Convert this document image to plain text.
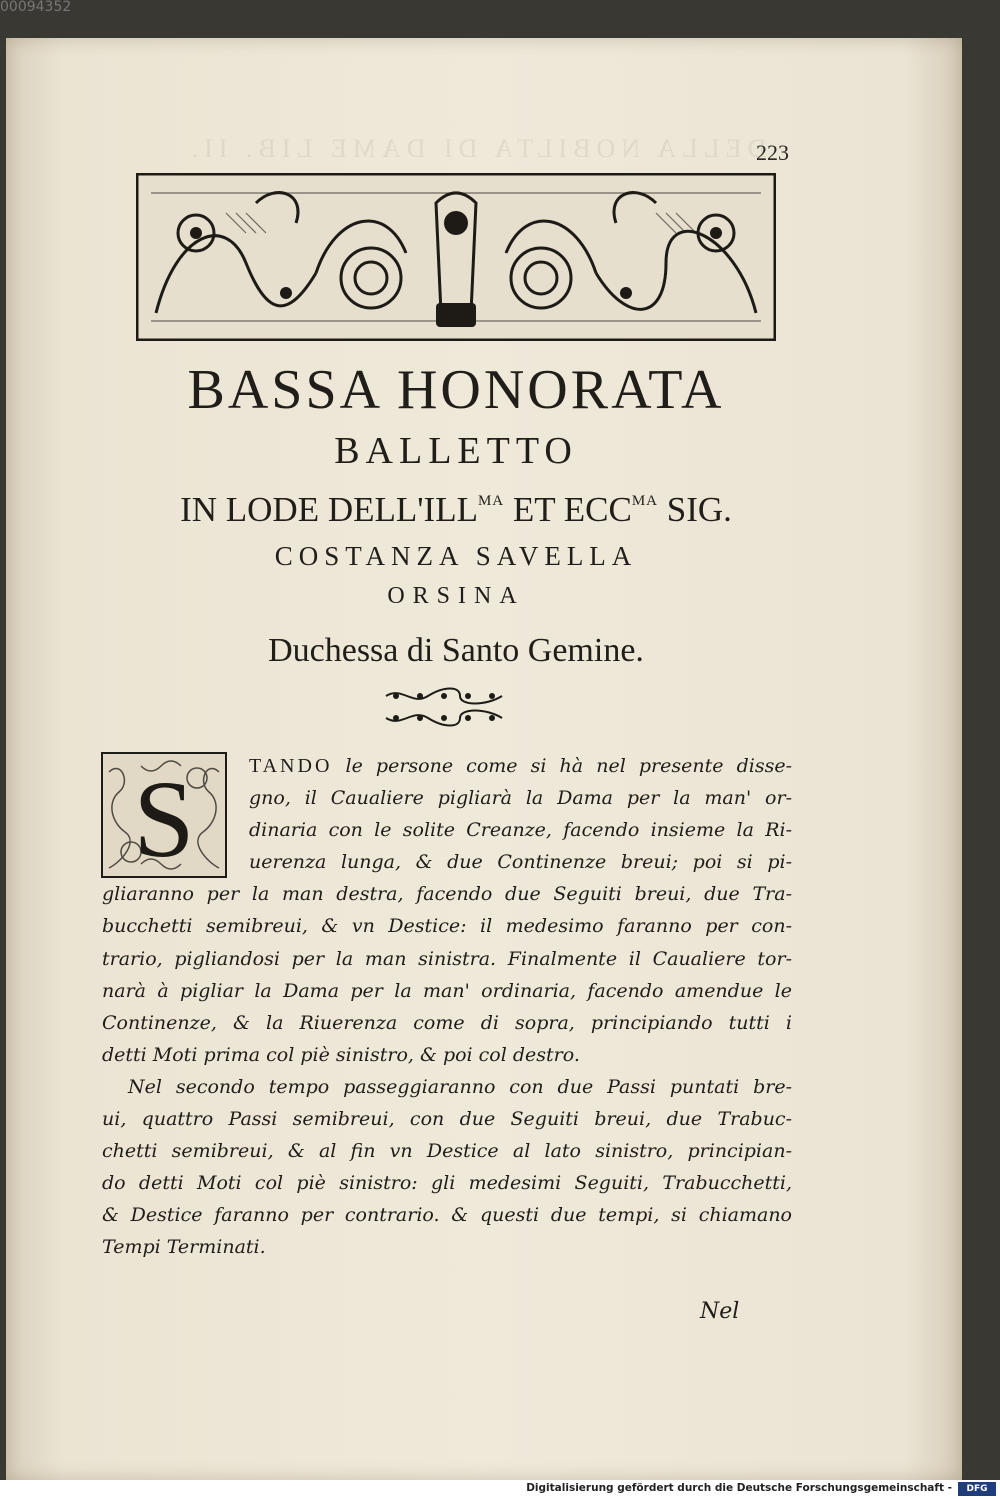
00094352
DELLA NOBILTA DI DAME LIB. II.
223
BASSA HONORATA
BALLETTO
IN LODE $DELL'ILL^{MA}$ ET $ECC^{MA}$ SIG.
COSTANZA SAVELLA
ORSINA
Duchessa di Santo Gemine.
S	TANDO le persone come si hà nel presente disse-
gno, il Caualiere pigliarà la Dama per la man' or-
dinaria con le solite Creanze, facendo insieme la Ri-
uerenza lunga, & due Continenze breui; poi si pi-
gliaranno per la man destra, facendo due Seguiti breui, due Tra-
bucchetti semibreui, & vn Destice: il medesimo faranno per con-
trario, pigliandosi per la man sinistra. Finalmente il Caualiere tor-
narà à pigliar la Dama per la man' ordinaria, facendo amendue le
Continenze, & la Riuerenza come di sopra, principiando tutti i
detti Moti prima col piè sinistro, & poi col destro.
Nel secondo tempo passeggiaranno con due Passi puntati bre-
ui, quattro Passi semibreui, con due Seguiti breui, due Trabuc-
chetti semibreui, & al fin vn Destice al lato sinistro, principian-
do detti Moti col piè sinistro: gli medesimi Seguiti, Trabucchetti,
& Destice faranno per contrario. & questi due tempi, si chiamano
Tempi Terminati.
Nel
Digitalisierung gefördert durch die Deutsche Forschungsgemeinschaft -	DFG
